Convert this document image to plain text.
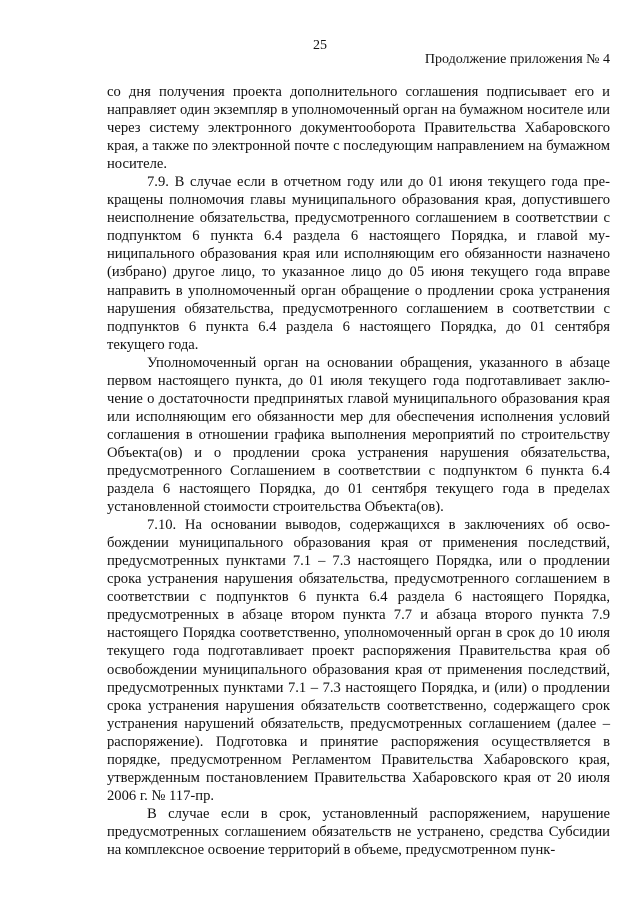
25
Продолжение приложения № 4

со дня получения проекта дополнительного соглашения подписывает его и направляет один экземпляр в уполномоченный орган на бумажном носителе или через систему электронного документооборота Правительства Хабаровского края, а также по электронной почте с последующим направлением на бумажном носителе.

7.9. В случае если в отчетном году или до 01 июня текущего года прекращены полномочия главы муниципального образования края, допустившего неисполнение обязательства, предусмотренного соглашением в соответствии с подпунктом 6 пункта 6.4 раздела 6 настоящего Порядка, и главой муниципального образования края или исполняющим его обязанности назначено (избрано) другое лицо, то указанное лицо до 05 июня текущего года вправе направить в уполномоченный орган обращение о продлении срока устранения нарушения обязательства, предусмотренного соглашением в соответствии с подпунктов 6 пункта 6.4 раздела 6 настоящего Порядка, до 01 сентября текущего года.

Уполномоченный орган на основании обращения, указанного в абзаце первом настоящего пункта, до 01 июля текущего года подготавливает заключение о достаточности предпринятых главой муниципального образования края или исполняющим его обязанности мер для обеспечения исполнения условий соглашения в отношении графика выполнения мероприятий по строительству Объекта(ов) и о продлении срока устранения нарушения обязательства, предусмотренного Соглашением в соответствии с подпунктом 6 пункта 6.4 раздела 6 настоящего Порядка, до 01 сентября текущего года в пределах установленной стоимости строительства Объекта(ов).

7.10. На основании выводов, содержащихся в заключениях об освобождении муниципального образования края от применения последствий, предусмотренных пунктами 7.1 – 7.3 настоящего Порядка, или о продлении срока устранения нарушения обязательства, предусмотренного соглашением в соответствии с подпунктов 6 пункта 6.4 раздела 6 настоящего Порядка, предусмотренных в абзаце втором пункта 7.7 и абзаца второго пункта 7.9 настоящего Порядка соответственно, уполномоченный орган в срок до 10 июля текущего года подготавливает проект распоряжения Правительства края об освобождении муниципального образования края от применения последствий, предусмотренных пунктами 7.1 – 7.3 настоящего Порядка, и (или) о продлении срока устранения нарушения обязательств соответственно, содержащего срок устранения нарушений обязательств, предусмотренных соглашением (далее – распоряжение). Подготовка и принятие распоряжения осуществляется в порядке, предусмотренном Регламентом Правительства Хабаровского края, утвержденным постановлением Правительства Хабаровского края от 20 июля 2006 г. № 117-пр.

В случае если в срок, установленный распоряжением, нарушение предусмотренных соглашением обязательств не устранено, средства Субсидии на комплексное освоение территорий в объеме, предусмотренном пунк-
